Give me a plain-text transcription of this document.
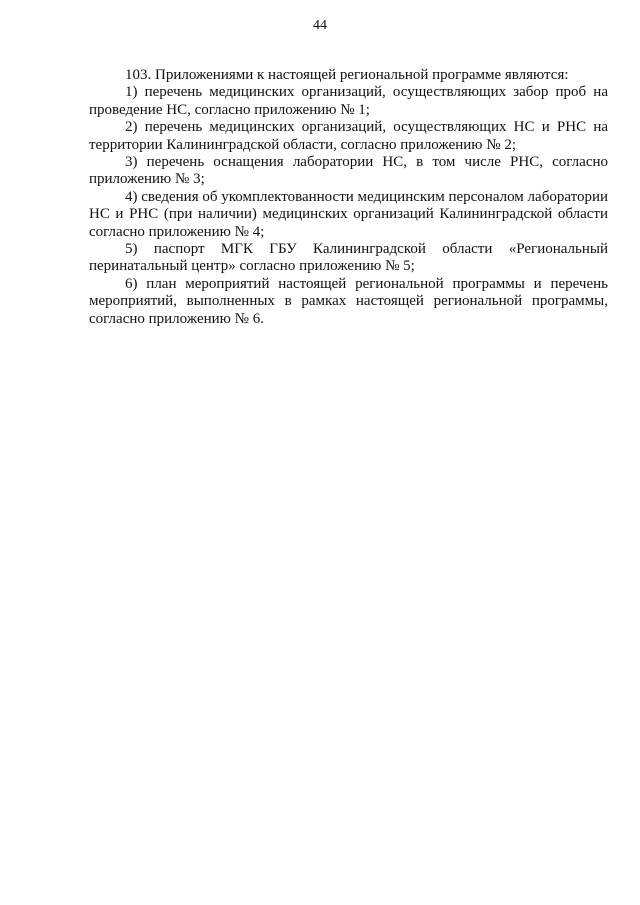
44

103. Приложениями к настоящей региональной программе являются:

1) перечень медицинских организаций, осуществляющих забор проб на проведение НС, согласно приложению № 1;

2) перечень медицинских организаций, осуществляющих НС и РНС на территории Калининградской области, согласно приложению № 2;

3) перечень оснащения лаборатории НС, в том числе РНС, согласно приложению № 3;

4) сведения об укомплектованности медицинским персоналом лаборатории НС и РНС (при наличии) медицинских организаций Калининградской области согласно приложению № 4;

5) паспорт МГК ГБУ Калининградской области «Региональный перинатальный центр» согласно приложению № 5;

6) план мероприятий настоящей региональной программы и перечень мероприятий, выполненных в рамках настоящей региональной программы, согласно приложению № 6.
